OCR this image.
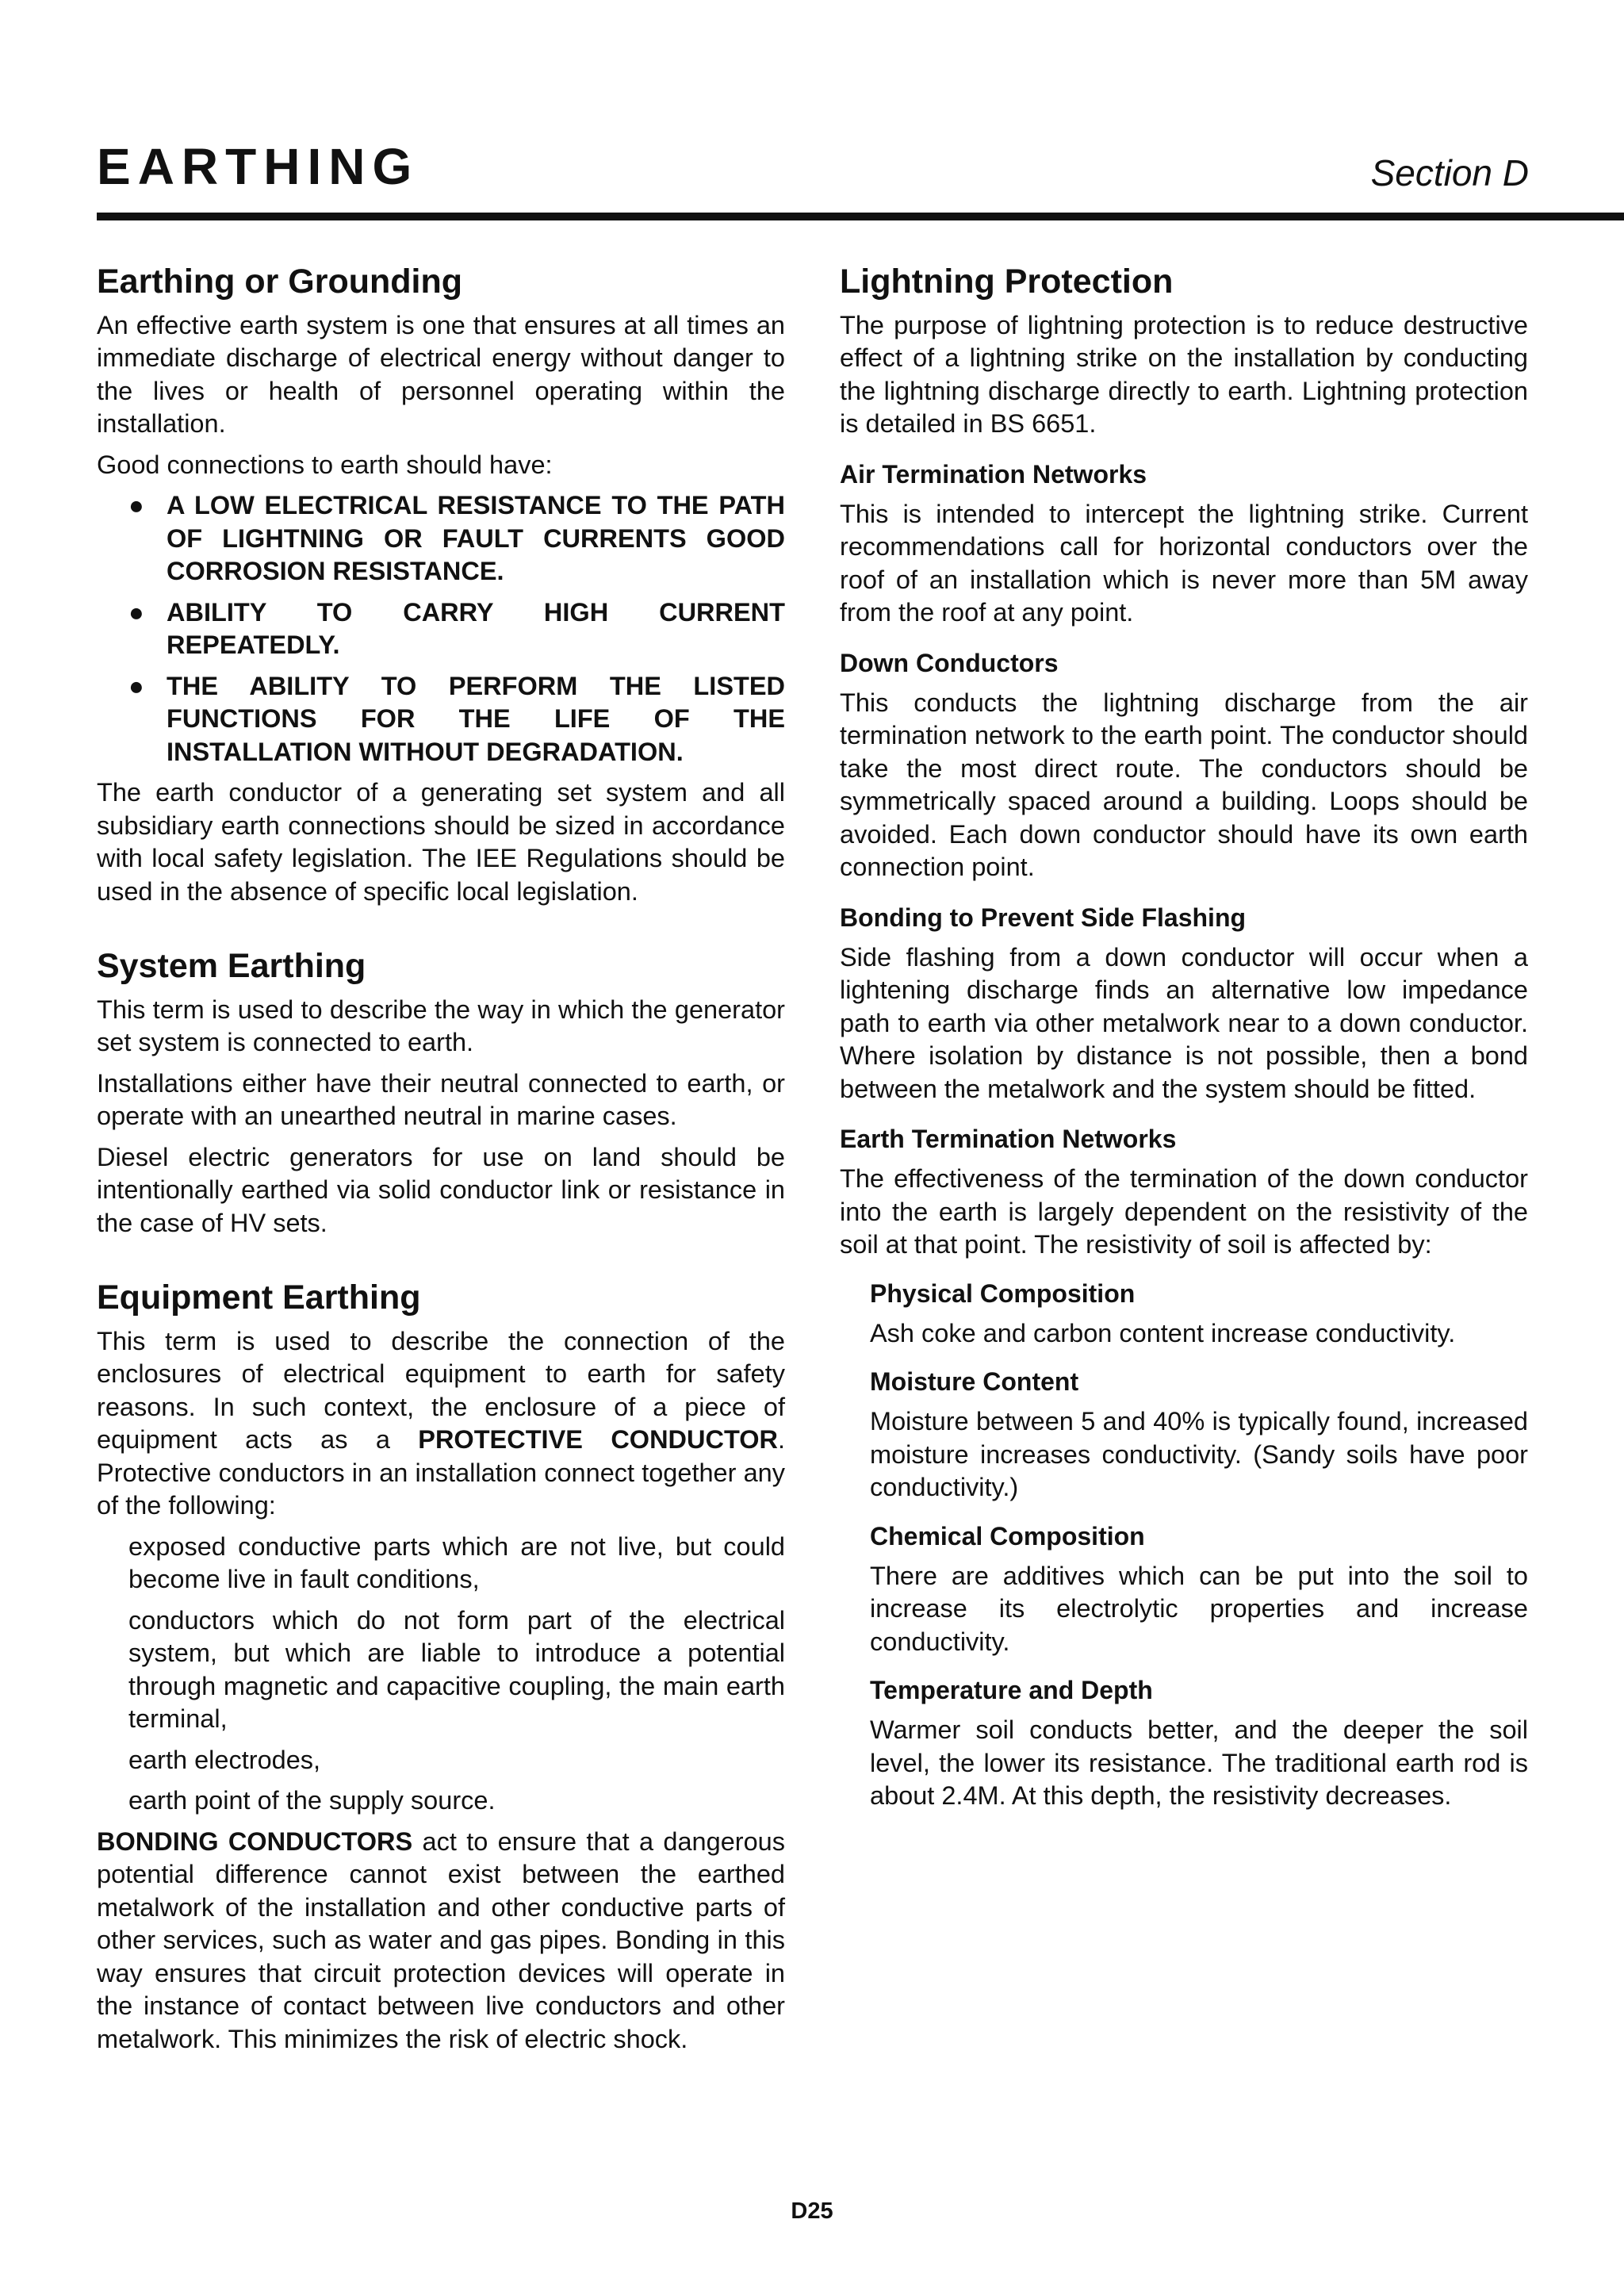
EARTHING	Section D
Earthing or Grounding

An effective earth system is one that ensures at all times an immediate discharge of electrical energy without danger to the lives or health of personnel operating within the installation.

Good connections to earth should have:

● A LOW ELECTRICAL RESISTANCE TO THE PATH OF LIGHTNING OR FAULT CURRENTS GOOD CORROSION RESISTANCE.
● ABILITY TO CARRY HIGH CURRENT REPEATEDLY.
● THE ABILITY TO PERFORM THE LISTED FUNCTIONS FOR THE LIFE OF THE INSTALLATION WITHOUT DEGRADATION.

The earth conductor of a generating set system and all subsidiary earth connections should be sized in accordance with local safety legislation. The IEE Regulations should be used in the absence of specific local legislation.

System Earthing

This term is used to describe the way in which the generator set system is connected to earth.

Installations either have their neutral connected to earth, or operate with an unearthed neutral in marine cases.

Diesel electric generators for use on land should be intentionally earthed via solid conductor link or resistance in the case of HV sets.

Equipment Earthing

This term is used to describe the connection of the enclosures of electrical equipment to earth for safety reasons. In such context, the enclosure of a piece of equipment acts as a PROTECTIVE CONDUCTOR. Protective conductors in an installation connect together any of the following:

exposed conductive parts which are not live, but could become live in fault conditions,
conductors which do not form part of the electrical system, but which are liable to introduce a potential through magnetic and capacitive coupling, the main earth terminal,
earth electrodes,
earth point of the supply source.

BONDING CONDUCTORS act to ensure that a dangerous potential difference cannot exist between the earthed metalwork of the installation and other conductive parts of other services, such as water and gas pipes. Bonding in this way ensures that circuit protection devices will operate in the instance of contact between live conductors and other metalwork. This minimizes the risk of electric shock.

Lightning Protection

The purpose of lightning protection is to reduce destructive effect of a lightning strike on the installation by conducting the lightning discharge directly to earth. Lightning protection is detailed in BS 6651.

Air Termination Networks

This is intended to intercept the lightning strike. Current recommendations call for horizontal conductors over the roof of an installation which is never more than 5M away from the roof at any point.

Down Conductors

This conducts the lightning discharge from the air termination network to the earth point. The conductor should take the most direct route. The conductors should be symmetrically spaced around a building. Loops should be avoided. Each down conductor should have its own earth connection point.

Bonding to Prevent Side Flashing

Side flashing from a down conductor will occur when a lightening discharge finds an alternative low impedance path to earth via other metalwork near to a down conductor. Where isolation by distance is not possible, then a bond between the metalwork and the system should be fitted.

Earth Termination Networks

The effectiveness of the termination of the down conductor into the earth is largely dependent on the resistivity of the soil at that point. The resistivity of soil is affected by:

Physical Composition

Ash coke and carbon content increase conductivity.

Moisture Content

Moisture between 5 and 40% is typically found, increased moisture increases conductivity. (Sandy soils have poor conductivity.)

Chemical Composition

There are additives which can be put into the soil to increase its electrolytic properties and increase conductivity.

Temperature and Depth

Warmer soil conducts better, and the deeper the soil level, the lower its resistance. The traditional earth rod is about 2.4M. At this depth, the resistivity decreases.

D25
